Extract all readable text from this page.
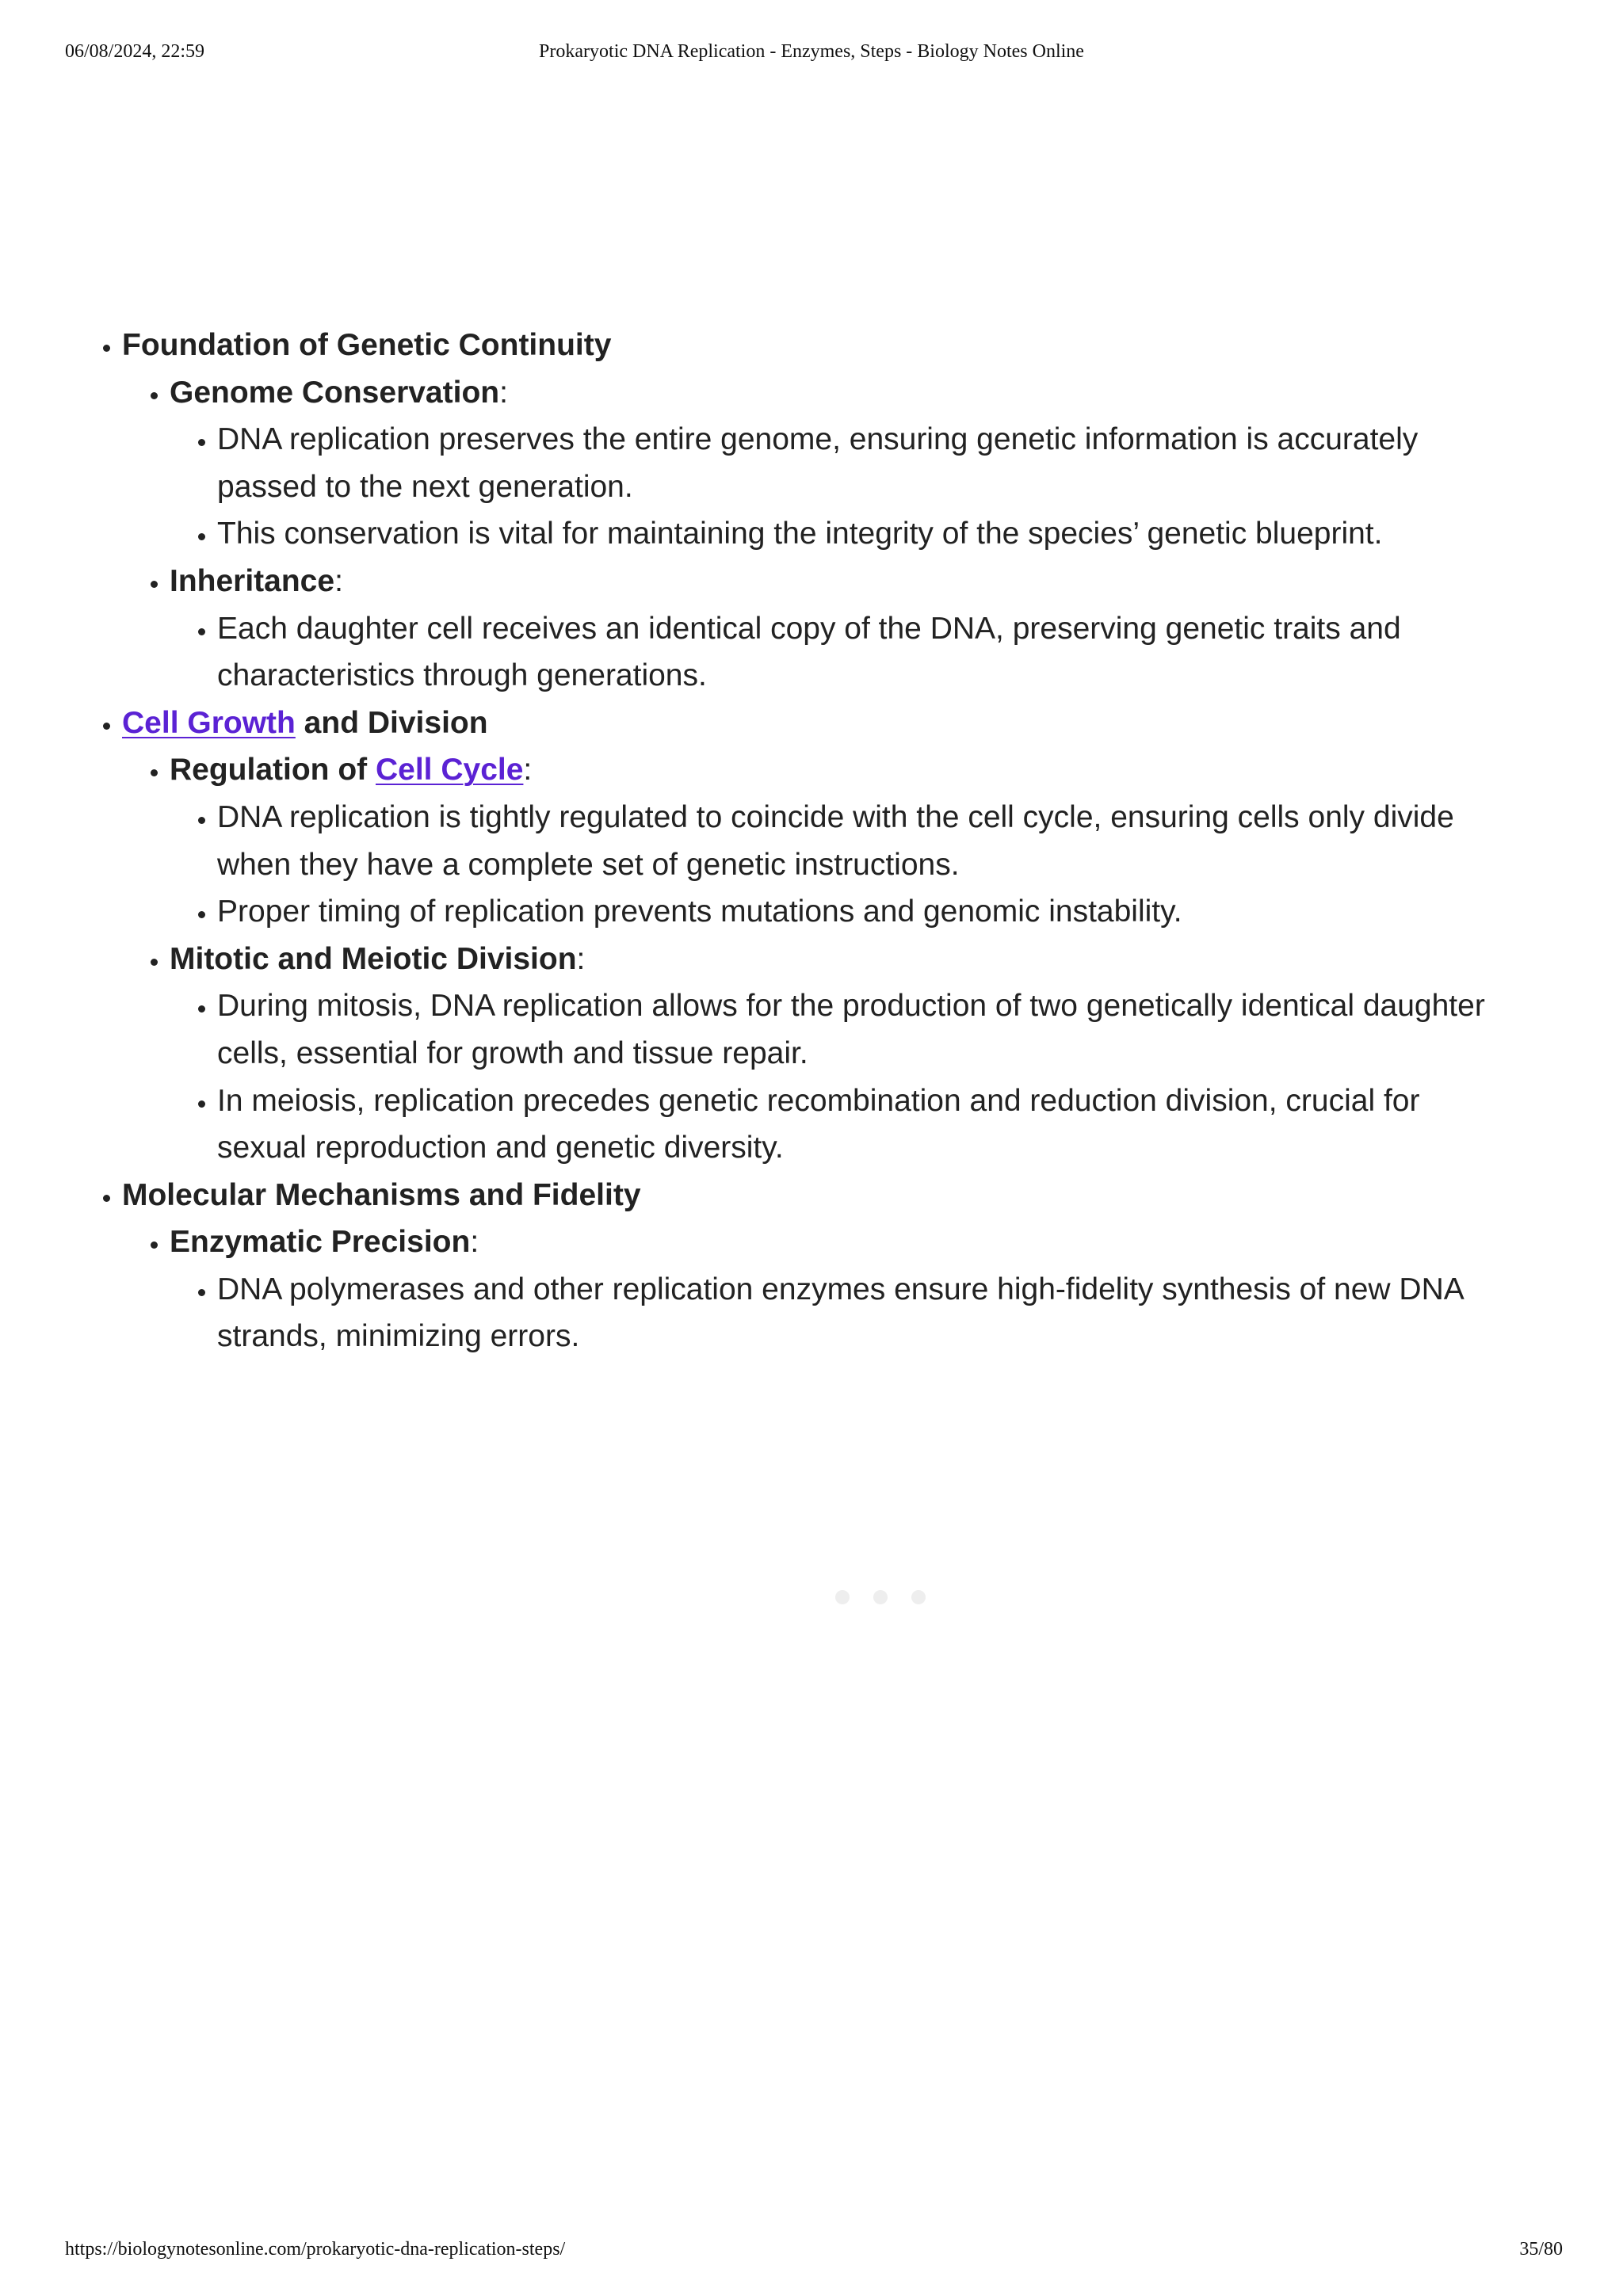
06/08/2024, 22:59	Prokaryotic DNA Replication - Enzymes, Steps - Biology Notes Online
• Foundation of Genetic Continuity
• Genome Conservation:
• DNA replication preserves the entire genome, ensuring genetic information is accurately passed to the next generation.
• This conservation is vital for maintaining the integrity of the species’ genetic blueprint.
• Inheritance:
• Each daughter cell receives an identical copy of the DNA, preserving genetic traits and characteristics through generations.
• Cell Growth and Division
• Regulation of Cell Cycle:
• DNA replication is tightly regulated to coincide with the cell cycle, ensuring cells only divide when they have a complete set of genetic instructions.
• Proper timing of replication prevents mutations and genomic instability.
• Mitotic and Meiotic Division:
• During mitosis, DNA replication allows for the production of two genetically identical daughter cells, essential for growth and tissue repair.
• In meiosis, replication precedes genetic recombination and reduction division, crucial for sexual reproduction and genetic diversity.
• Molecular Mechanisms and Fidelity
• Enzymatic Precision:
• DNA polymerases and other replication enzymes ensure high-fidelity synthesis of new DNA strands, minimizing errors.
https://biologynotesonline.com/prokaryotic-dna-replication-steps/	35/80
